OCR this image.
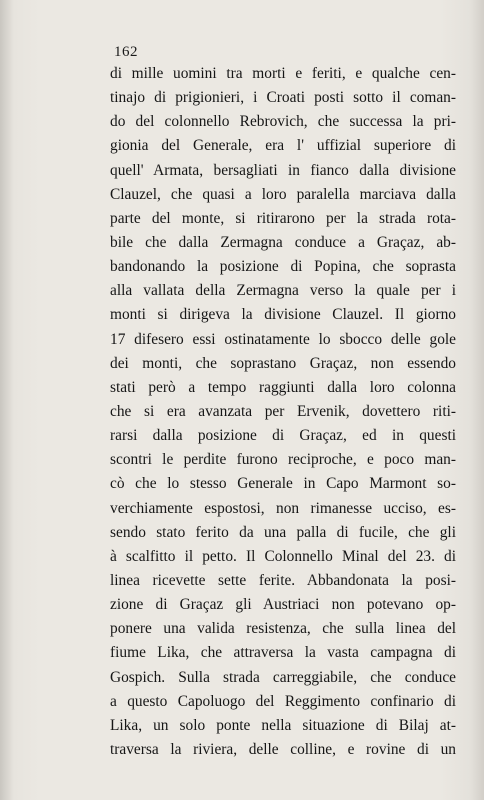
162
di mille uomini tra morti e feriti, e qualche cen-
tinajo di prigionieri, i Croati posti sotto il coman-
do del colonnello Rebrovich, che successa la pri-
gionia del Generale, era l' uffizial superiore di
quell' Armata, bersagliati in fianco dalla divisione
Clauzel, che quasi a loro paralella marciava dalla
parte del monte, si ritirarono per la strada rota-
bile che dalla Zermagna conduce a Graçaz, ab-
bandonando la posizione di Popina, che soprasta
alla vallata della Zermagna verso la quale per i
monti si dirigeva la divisione Clauzel. Il giorno
17 difesero essi ostinatamente lo sbocco delle gole
dei monti, che soprastano Graçaz, non essendo
stati però a tempo raggiunti dalla loro colonna
che si era avanzata per Ervenik, dovettero riti-
rarsi dalla posizione di Graçaz, ed in questi
scontri le perdite furono reciproche, e poco man-
cò che lo stesso Generale in Capo Marmont so-
verchiamente espostosi, non rimanesse ucciso, es-
sendo stato ferito da una palla di fucile, che gli
à scalfitto il petto. Il Colonnello Minal del 23. di
linea ricevette sette ferite. Abbandonata la posi-
zione di Graçaz gli Austriaci non potevano op-
ponere una valida resistenza, che sulla linea del
fiume Lika, che attraversa la vasta campagna di
Gospich. Sulla strada carreggiabile, che conduce
a questo Capoluogo del Reggimento confinario di
Lika, un solo ponte nella situazione di Bilaj at-
traversa la riviera, delle colline, e rovine di un
